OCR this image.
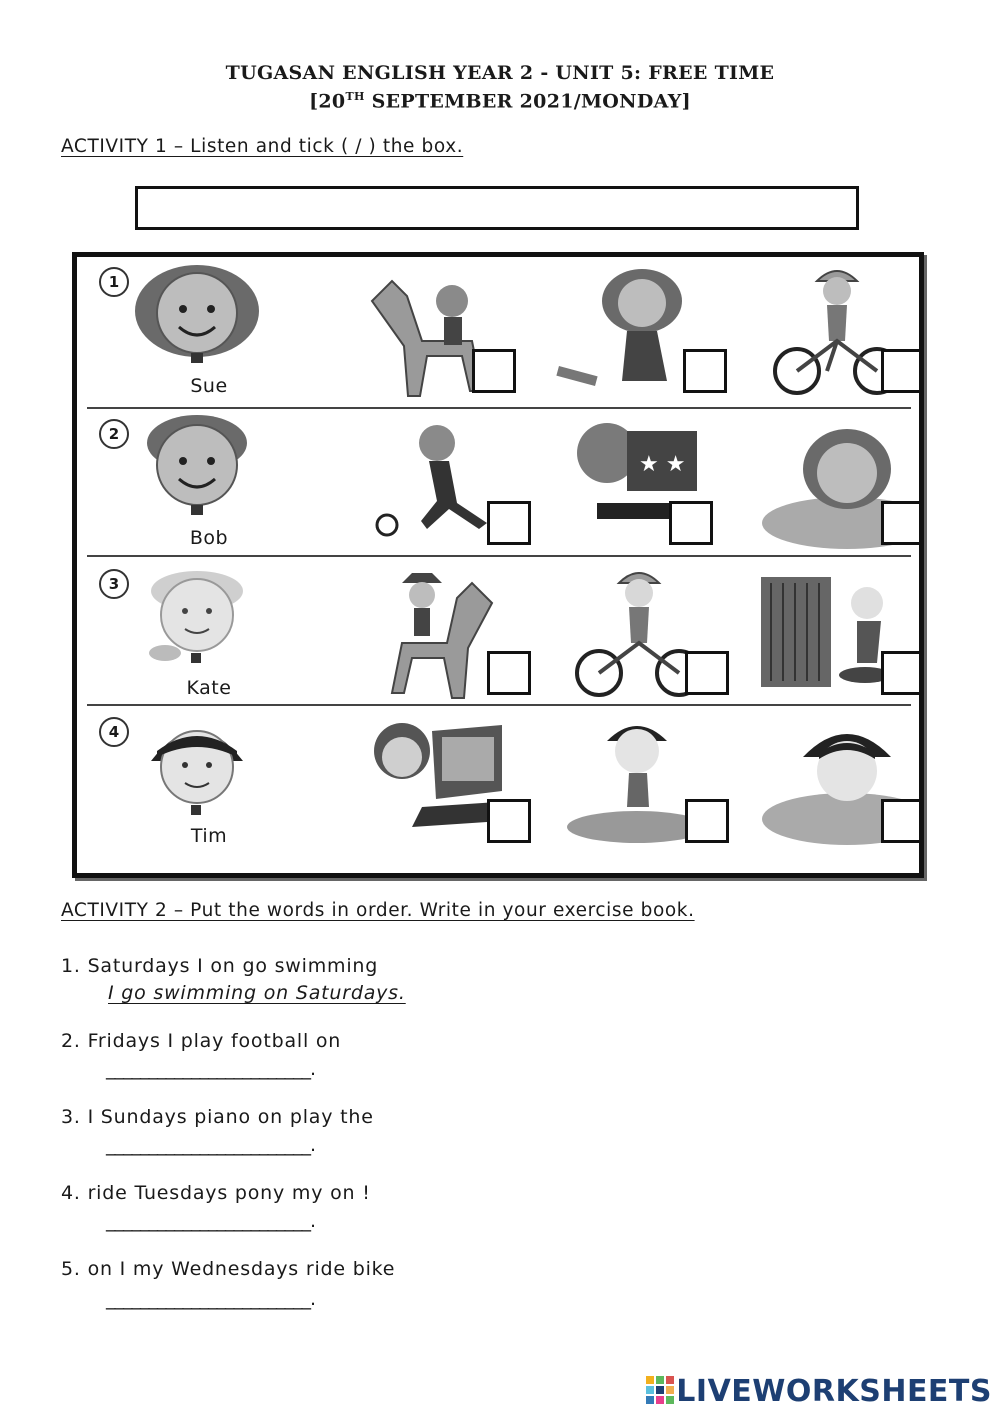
TUGASAN ENGLISH YEAR 2 - UNIT 5: FREE TIME
[20TH SEPTEMBER 2021/MONDAY]
ACTIVITY 1 – Listen and tick ( / ) the box.
1
Sue
2
Bob
★ ★
3
Kate
4
Tim
ACTIVITY 2 – Put the words in order. Write in your exercise book.
1. Saturdays I on go swimming
I go swimming on Saturdays.
2. Fridays I play football on
________________________.
3. I Sundays piano on play the
________________________.
4. ride Tuesdays pony my on !
________________________.
5. on I my Wednesdays ride bike
________________________.
LIVEWORKSHEETS
